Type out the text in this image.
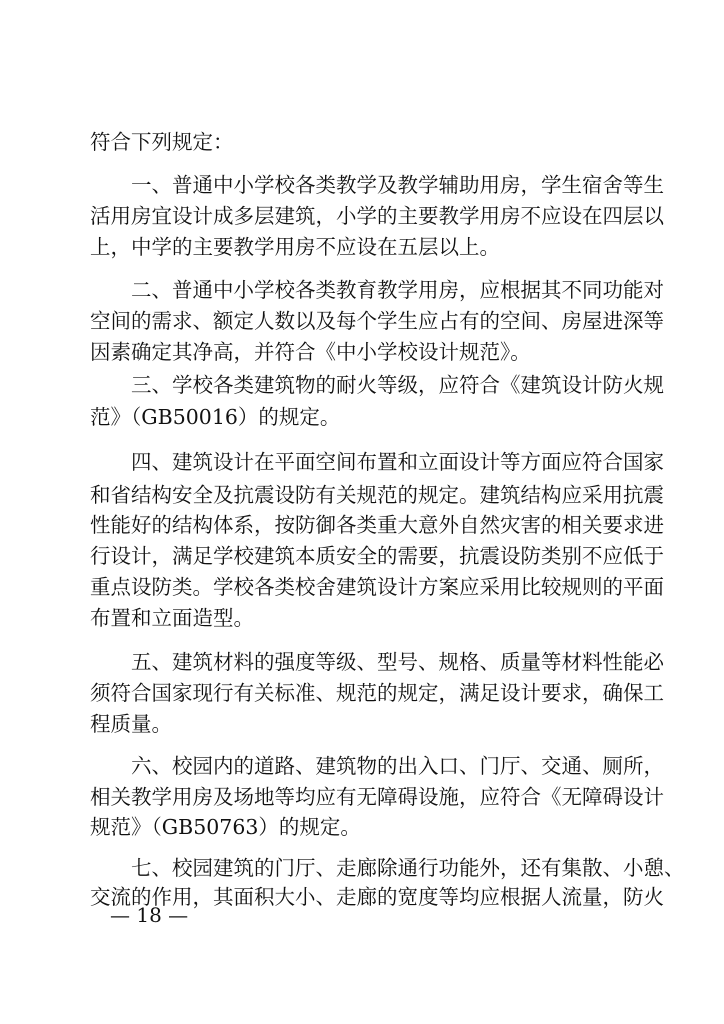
符合下列规定：
一、普通中小学校各类教学及教学辅助用房，学生宿舍等生
活用房宜设计成多层建筑，小学的主要教学用房不应设在四层以
上，中学的主要教学用房不应设在五层以上。
二、普通中小学校各类教育教学用房，应根据其不同功能对
空间的需求、额定人数以及每个学生应占有的空间、房屋进深等
因素确定其净高，并符合《中小学校设计规范》。
三、学校各类建筑物的耐火等级，应符合《建筑设计防火规
范》（GB50016）的规定。
四、建筑设计在平面空间布置和立面设计等方面应符合国家
和省结构安全及抗震设防有关规范的规定。建筑结构应采用抗震
性能好的结构体系，按防御各类重大意外自然灾害的相关要求进
行设计，满足学校建筑本质安全的需要，抗震设防类别不应低于
重点设防类。学校各类校舍建筑设计方案应采用比较规则的平面
布置和立面造型。
五、建筑材料的强度等级、型号、规格、质量等材料性能必
须符合国家现行有关标准、规范的规定，满足设计要求，确保工
程质量。
六、校园内的道路、建筑物的出入口、门厅、交通、厕所，
相关教学用房及场地等均应有无障碍设施，应符合《无障碍设计
规范》（GB50763）的规定。
七、校园建筑的门厅、走廊除通行功能外，还有集散、小憩、
交流的作用，其面积大小、走廊的宽度等均应根据人流量，防火
— 18 —
